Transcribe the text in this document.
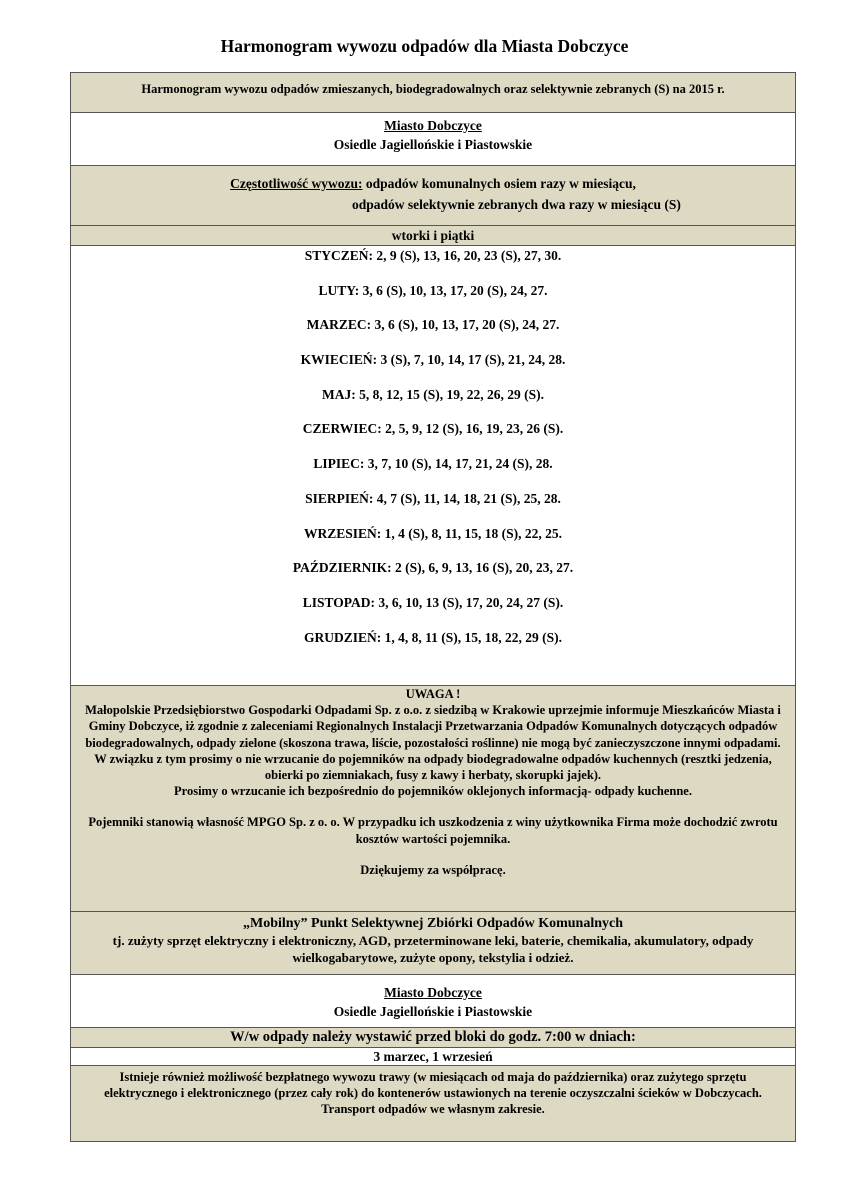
Harmonogram wywozu odpadów dla Miasta Dobczyce
Harmonogram wywozu odpadów zmieszanych, biodegradowalnych oraz selektywnie zebranych (S) na 2015 r.
Miasto Dobczyce
Osiedle Jagiellońskie i Piastowskie
Częstotliwość wywozu: odpadów komunalnych osiem razy w miesiącu,
odpadów selektywnie zebranych dwa razy w miesiącu (S)
wtorki i piątki
STYCZEŃ: 2, 9 (S), 13, 16, 20, 23 (S), 27, 30.
LUTY: 3, 6 (S), 10, 13, 17, 20 (S), 24, 27.
MARZEC: 3, 6 (S), 10, 13, 17, 20 (S), 24, 27.
KWIECIEŃ: 3 (S), 7, 10, 14, 17 (S), 21, 24, 28.
MAJ: 5, 8, 12, 15 (S), 19, 22, 26, 29 (S).
CZERWIEC: 2, 5, 9, 12 (S), 16, 19, 23, 26 (S).
LIPIEC: 3, 7, 10 (S), 14, 17, 21, 24 (S), 28.
SIERPIEŃ: 4, 7 (S), 11, 14, 18, 21 (S), 25, 28.
WRZESIEŃ: 1, 4 (S), 8, 11, 15, 18 (S), 22, 25.
PAŹDZIERNIK: 2 (S), 6, 9, 13, 16 (S), 20, 23, 27.
LISTOPAD: 3, 6, 10, 13 (S), 17, 20, 24, 27 (S).
GRUDZIEŃ: 1, 4, 8, 11 (S), 15, 18, 22, 29 (S).
UWAGA !
Małopolskie Przedsiębiorstwo Gospodarki Odpadami Sp. z o.o. z siedzibą w Krakowie uprzejmie informuje Mieszkańców Miasta i Gminy Dobczyce, iż zgodnie z zaleceniami Regionalnych Instalacji Przetwarzania Odpadów Komunalnych dotyczących odpadów biodegradowalnych, odpady zielone (skoszona trawa, liście, pozostałości roślinne) nie mogą być zanieczyszczone innymi odpadami.
W związku z tym prosimy o nie wrzucanie do pojemników na odpady biodegradowalne odpadów kuchennych (resztki jedzenia, obierki po ziemniakach, fusy z kawy i herbaty, skorupki jajek).
Prosimy o wrzucanie ich bezpośrednio do pojemników oklejonych informacją- odpady kuchenne.
Pojemniki stanowią własność MPGO Sp. z o. o. W przypadku ich uszkodzenia z winy użytkownika Firma może dochodzić zwrotu kosztów wartości pojemnika.
Dziękujemy za współpracę.
„Mobilny” Punkt Selektywnej Zbiórki Odpadów Komunalnych
tj. zużyty sprzęt elektryczny i elektroniczny, AGD, przeterminowane leki, baterie, chemikalia, akumulatory, odpady wielkogabarytowe, zużyte opony, tekstylia i odzież.
Miasto Dobczyce
Osiedle Jagiellońskie i Piastowskie
W/w odpady należy wystawić przed bloki do godz. 7:00 w dniach:
3 marzec, 1 wrzesień
Istnieje również możliwość bezpłatnego wywozu trawy (w miesiącach od maja do października) oraz zużytego sprzętu elektrycznego i elektronicznego (przez cały rok) do kontenerów ustawionych na terenie oczyszczalni ścieków w Dobczycach. Transport odpadów we własnym zakresie.
